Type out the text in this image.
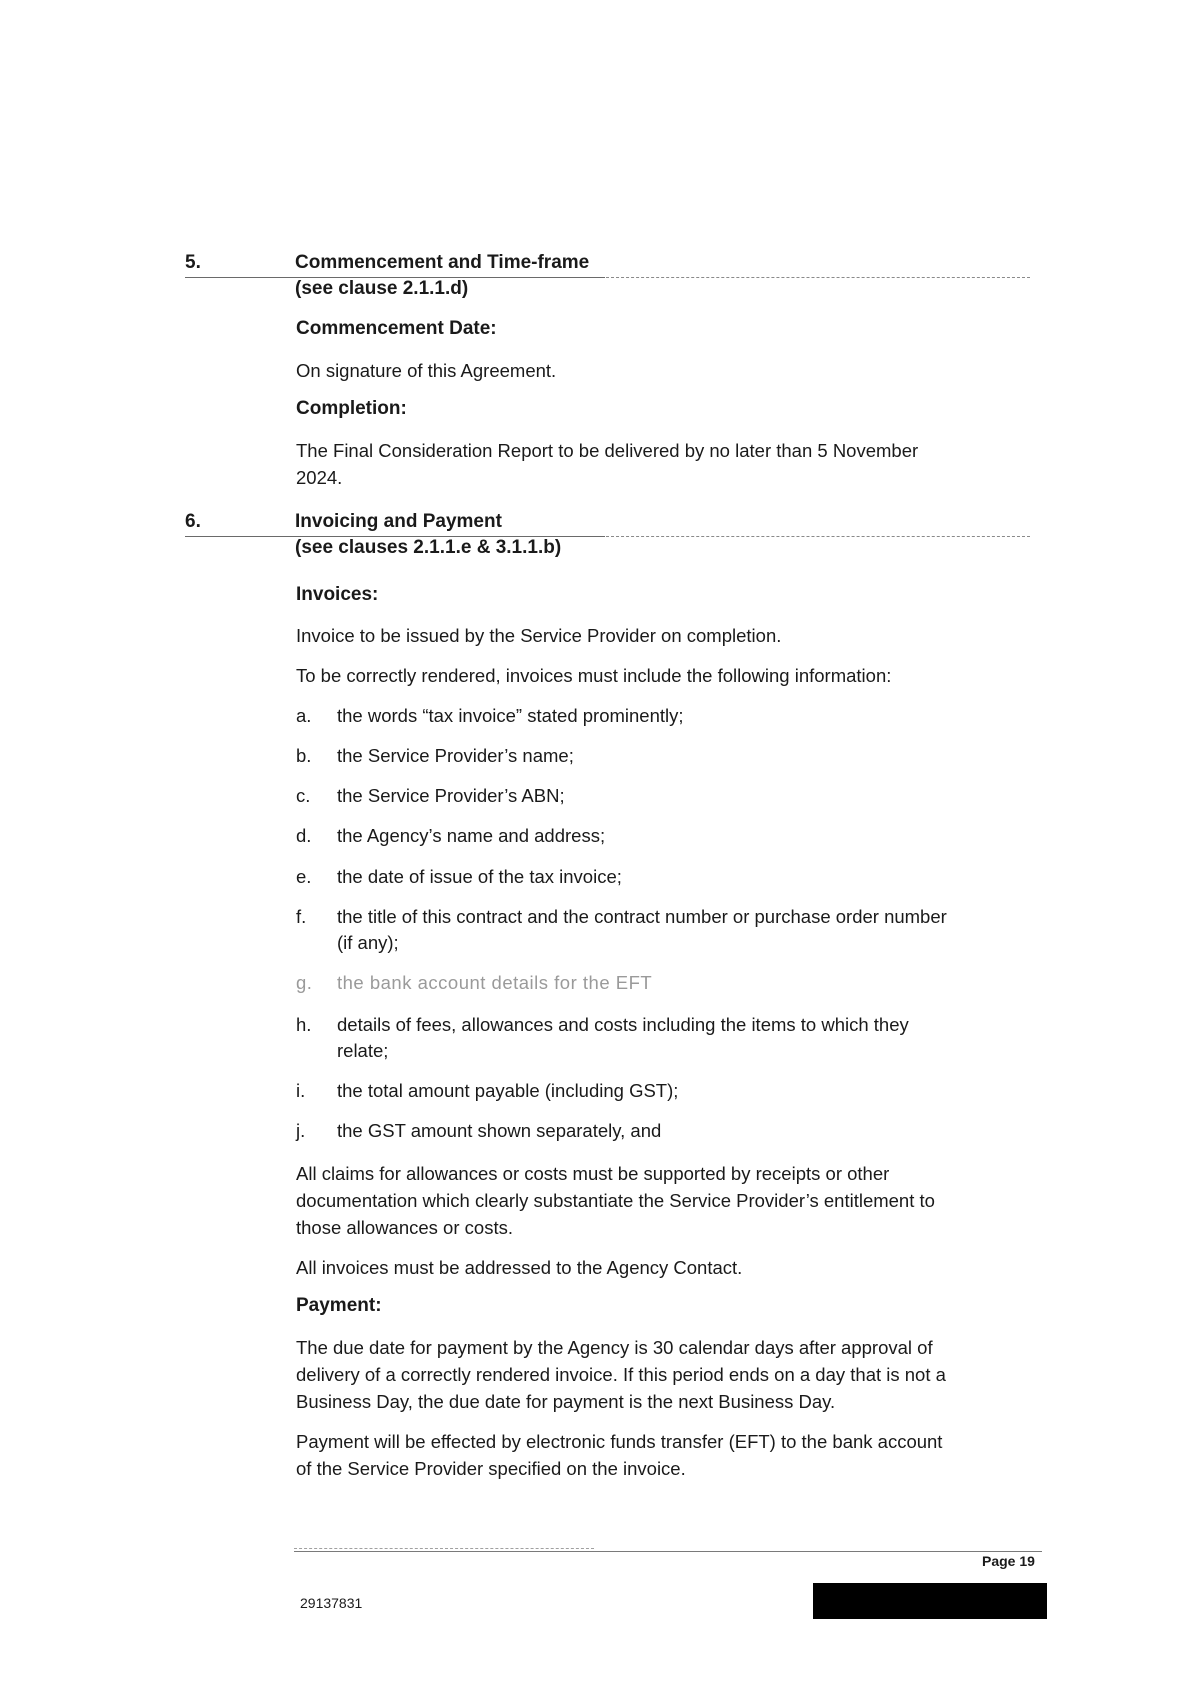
5.	Commencement and Time-frame
(see clause 2.1.1.d)

Commencement Date:

On signature of this Agreement.

Completion:

The Final Consideration Report to be delivered by no later than 5 November

2024.

6.	Invoicing and Payment
(see clauses 2.1.1.e & 3.1.1.b)

Invoices:

Invoice to be issued by the Service Provider on completion.

To be correctly rendered, invoices must include the following information:

a. the words “tax invoice” stated prominently;
b. the Service Provider’s name;
c. the Service Provider’s ABN;
d. the Agency’s name and address;
e. the date of issue of the tax invoice;
f. the title of this contract and the contract number or purchase order number
(if any);
g. the bank account details for the EFT
h. details of fees, allowances and costs including the items to which they
relate;
i. the total amount payable (including GST);
j. the GST amount shown separately, and

All claims for allowances or costs must be supported by receipts or other

documentation which clearly substantiate the Service Provider’s entitlement to

those allowances or costs.

All invoices must be addressed to the Agency Contact.

Payment:

The due date for payment by the Agency is 30 calendar days after approval of

delivery of a correctly rendered invoice. If this period ends on a day that is not a

Business Day, the due date for payment is the next Business Day.

Payment will be effected by electronic funds transfer (EFT) to the bank account

of the Service Provider specified on the invoice.

Page 19
29137831
